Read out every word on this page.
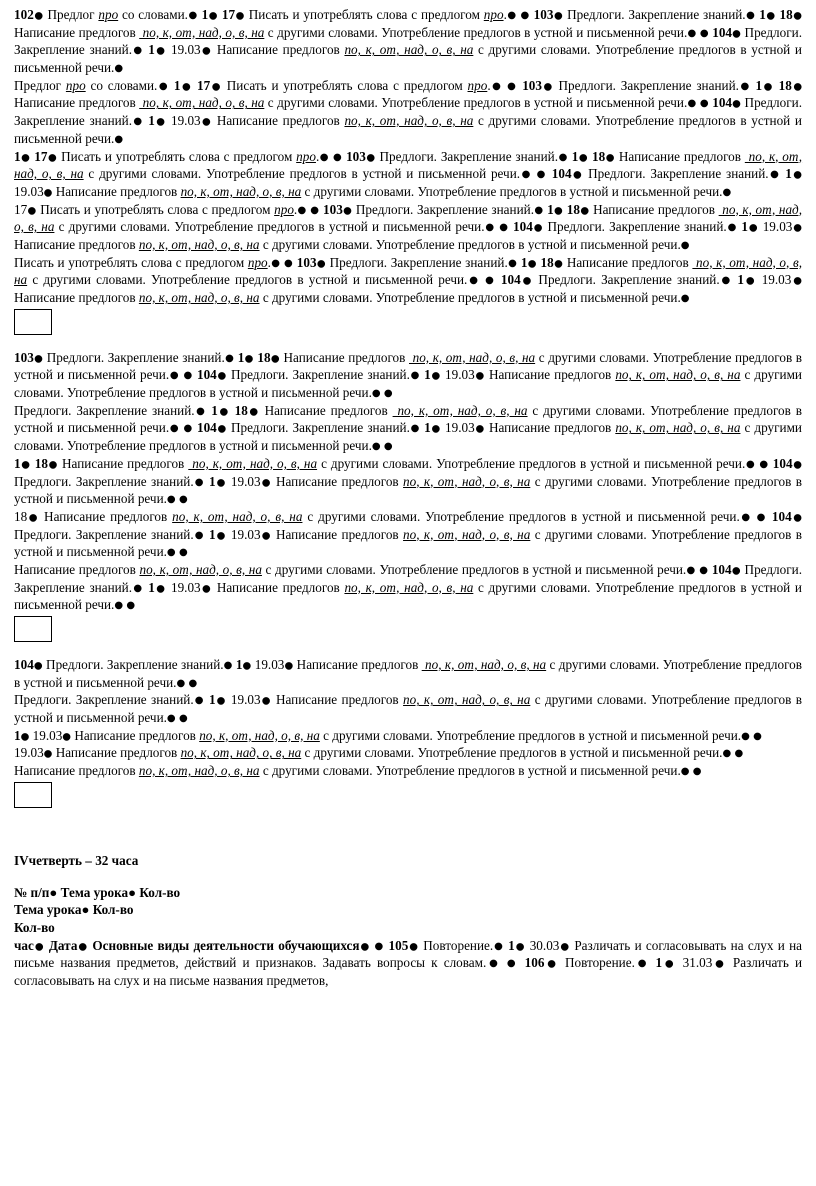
102● Предлог про со словами.● 1● 17● Писать и употреблять слова с предлогом про.● ● 103● Предлоги. Закрепление знаний.● 1● 18● Написание предлогов  по, к, от, над, о, в, на с другими словами. Употребление предлогов в устной и письменной речи.● ● 104● Предлоги. Закрепление знаний.● 1● 19.03● Написание предлогов по, к, от, над, о, в, на с другими словами. Употребление предлогов в устной и письменной речи.●

Предлог про со словами.● 1● 17● Писать и употреблять слова с предлогом про.● ● 103● Предлоги. Закрепление знаний.● 1● 18● Написание предлогов  по, к, от, над, о, в, на с другими словами. Употребление предлогов в устной и письменной речи.● ● 104● Предлоги. Закрепление знаний.● 1● 19.03● Написание предлогов по, к, от, над, о, в, на с другими словами. Употребление предлогов в устной и письменной речи.●

1● 17● Писать и употреблять слова с предлогом про.● ● 103● Предлоги. Закрепление знаний.● 1● 18● Написание предлогов  по, к, от, над, о, в, на с другими словами. Употребление предлогов в устной и письменной речи.● ● 104● Предлоги. Закрепление знаний.● 1● 19.03● Написание предлогов по, к, от, над, о, в, на с другими словами. Употребление предлогов в устной и письменной речи.●

17● Писать и употреблять слова с предлогом про.● ● 103● Предлоги. Закрепление знаний.● 1● 18● Написание предлогов  по, к, от, над, о, в, на с другими словами. Употребление предлогов в устной и письменной речи.● ● 104● Предлоги. Закрепление знаний.● 1● 19.03● Написание предлогов по, к, от, над, о, в, на с другими словами. Употребление предлогов в устной и письменной речи.●

Писать и употреблять слова с предлогом про.● ● 103● Предлоги. Закрепление знаний.● 1● 18● Написание предлогов  по, к, от, над, о, в, на с другими словами. Употребление предлогов в устной и письменной речи.● ● 104● Предлоги. Закрепление знаний.● 1● 19.03● Написание предлогов по, к, от, над, о, в, на с другими словами. Употребление предлогов в устной и письменной речи.●

103● Предлоги. Закрепление знаний.● 1● 18● Написание предлогов  по, к, от, над, о, в, на с другими словами. Употребление предлогов в устной и письменной речи.● ● 104● Предлоги. Закрепление знаний.● 1● 19.03● Написание предлогов по, к, от, над, о, в, на с другими словами. Употребление предлогов в устной и письменной речи.● ●

Предлоги. Закрепление знаний.● 1● 18● Написание предлогов  по, к, от, над, о, в, на с другими словами. Употребление предлогов в устной и письменной речи.● ● 104● Предлоги. Закрепление знаний.● 1● 19.03● Написание предлогов по, к, от, над, о, в, на с другими словами. Употребление предлогов в устной и письменной речи.● ●

1● 18● Написание предлогов  по, к, от, над, о, в, на с другими словами. Употребление предлогов в устной и письменной речи.● ● 104● Предлоги. Закрепление знаний.● 1● 19.03● Написание предлогов по, к, от, над, о, в, на с другими словами. Употребление предлогов в устной и письменной речи.● ●

18● Написание предлогов по, к, от, над, о, в, на с другими словами. Употребление предлогов в устной и письменной речи.● ● 104● Предлоги. Закрепление знаний.● 1● 19.03● Написание предлогов по, к, от, над, о, в, на с другими словами. Употребление предлогов в устной и письменной речи.● ●

Написание предлогов по, к, от, над, о, в, на с другими словами. Употребление предлогов в устной и письменной речи.● ● 104● Предлоги. Закрепление знаний.● 1● 19.03● Написание предлогов по, к, от, над, о, в, на с другими словами. Употребление предлогов в устной и письменной речи.● ●

104● Предлоги. Закрепление знаний.● 1● 19.03● Написание предлогов  по, к, от, над, о, в, на с другими словами. Употребление предлогов в устной и письменной речи.● ●

Предлоги. Закрепление знаний.● 1● 19.03● Написание предлогов по, к, от, над, о, в, на с другими словами. Употребление предлогов в устной и письменной речи.● ●

1● 19.03● Написание предлогов по, к, от, над, о, в, на с другими словами. Употребление предлогов в устной и письменной речи.● ●

19.03● Написание предлогов по, к, от, над, о, в, на с другими словами. Употребление предлогов в устной и письменной речи.● ●

Написание предлогов по, к, от, над, о, в, на с другими словами. Употребление предлогов в устной и письменной речи.● ●

IVчетверть – 32 часа

№ п/п● Тема урока● Кол-во

Тема урока● Кол-во

Кол-во

час● Дата● Основные виды деятельности обучающихся● ● 105● Повторение.● 1● 30.03● Различать и согласовывать на слух и на письме названия предметов, действий и признаков. Задавать вопросы к словам.● ● 106● Повторение.● 1● 31.03● Различать и согласовывать на слух и на письме названия предметов,
